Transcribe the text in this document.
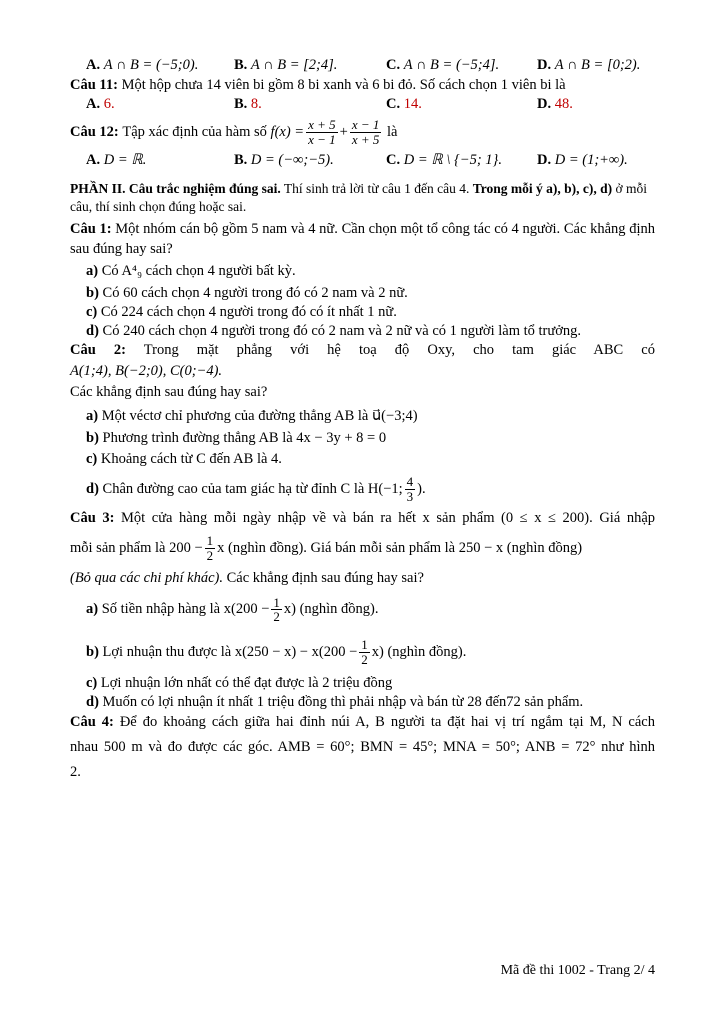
A. A ∩ B = (−5;0).	B. A ∩ B = [2;4].	C. A ∩ B = (−5;4].	D. A ∩ B = [0;2).
Câu 11: Một hộp chưa 14 viên bi gồm 8 bi xanh và 6 bi đỏ. Số cách chọn 1 viên bi là
A. 6.	B. 8.	C. 14.	D. 48.
Câu 12:
Tập xác định của hàm số
$f(x) = \frac{x + 5}{x - 1} + \frac{x - 1}{x + 5}$
là
A. D = ℝ.	B. D = (−∞;−5).	C. D = ℝ \ {−5; 1}.	D. D = (1;+∞).
PHẦN II. Câu trắc nghiệm đúng sai. Thí sinh trả lời từ câu 1 đến câu 4. Trong mỗi ý a), b), c), d) ở mỗi câu, thí sinh chọn đúng hoặc sai.
Câu 1: Một nhóm cán bộ gồm 5 nam và 4 nữ. Cần chọn một tổ công tác có 4 người. Các khẳng định sau đúng hay sai?
a) Có A⁴₉ cách chọn 4 người bất kỳ.
b) Có 60 cách chọn 4 người trong đó có 2 nam và 2 nữ.
c) Có 224 cách chọn 4 người trong đó có ít nhất 1 nữ.
d) Có 240 cách chọn 4 người trong đó có 2 nam và 2 nữ và có 1 người làm tổ trưởng.
Câu 2: Trong mặt phẳng với hệ toạ độ Oxy, cho tam giác ABC có
A(1;4), B(−2;0), C(0;−4).
Các khẳng định sau đúng hay sai?
a) Một véctơ chỉ phương của đường thẳng AB là u⃗(−3;4)
b) Phương trình đường thẳng AB là 4x − 3y + 8 = 0
c) Khoảng cách từ C đến AB là 4.
d)
Chân đường cao của tam giác hạ từ đỉnh C là H(−1; $\frac{4}{3}$ ).
Câu 3: Một cửa hàng mỗi ngày nhập về và bán ra hết x sản phẩm (0 ≤ x ≤ 200). Giá nhập
mỗi sản phẩm là $200 - \frac{1}{2}$ x (nghìn đồng). Giá bán mỗi sản phẩm là 250 − x (nghìn đồng)
(Bỏ qua các chi phí khác). Các khẳng định sau đúng hay sai?
a)
Số tiền nhập hàng là $x(200 - \frac{1}{2} x)$ (nghìn đồng).
b)
Lợi nhuận thu được là $x(250 - x) - x(200 - \frac{1}{2} x)$ (nghìn đồng).
c) Lợi nhuận lớn nhất có thể đạt được là 2 triệu đồng
d) Muốn có lợi nhuận ít nhất 1 triệu đồng thì phải nhập và bán từ 28 đến72 sản phẩm.
Câu 4: Để đo khoảng cách giữa hai đỉnh núi A, B người ta đặt hai vị trí ngắm tại M, N cách
nhau 500 m và đo được các góc. AMB = 60°; BMN = 45°; MNA = 50°; ANB = 72° như hình
2.
Mã đề thi 1002 - Trang 2/ 4
